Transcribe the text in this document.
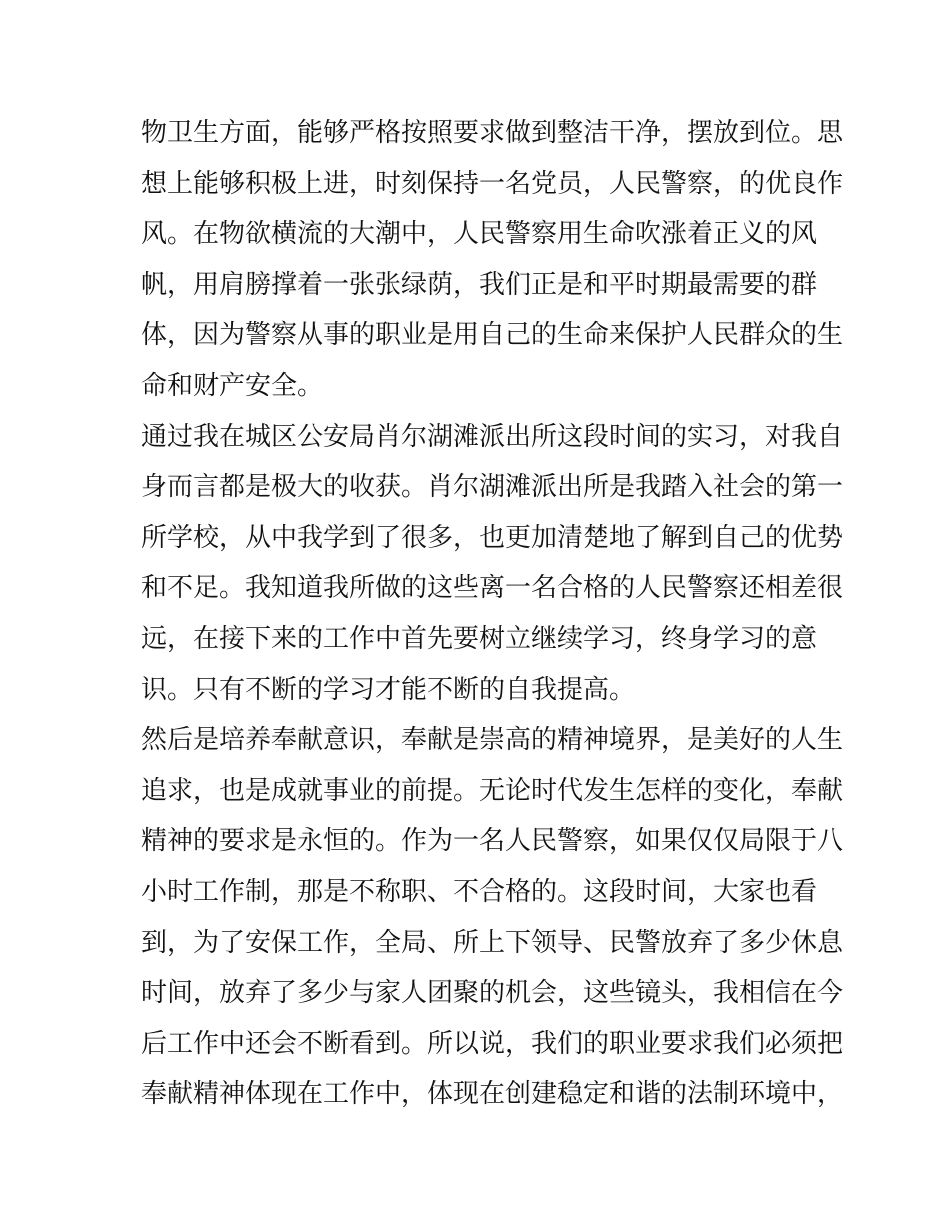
物卫生方面，能够严格按照要求做到整洁干净，摆放到位。思
想上能够积极上进，时刻保持一名党员，人民警察，的优良作
风。在物欲横流的大潮中，人民警察用生命吹涨着正义的风
帆，用肩膀撑着一张张绿荫，我们正是和平时期最需要的群
体，因为警察从事的职业是用自己的生命来保护人民群众的生
命和财产安全。
通过我在城区公安局肖尔湖滩派出所这段时间的实习，对我自
身而言都是极大的收获。肖尔湖滩派出所是我踏入社会的第一
所学校，从中我学到了很多，也更加清楚地了解到自己的优势
和不足。我知道我所做的这些离一名合格的人民警察还相差很
远，在接下来的工作中首先要树立继续学习，终身学习的意
识。只有不断的学习才能不断的自我提高。
然后是培养奉献意识，奉献是崇高的精神境界，是美好的人生
追求，也是成就事业的前提。无论时代发生怎样的变化，奉献
精神的要求是永恒的。作为一名人民警察，如果仅仅局限于八
小时工作制，那是不称职、不合格的。这段时间，大家也看
到，为了安保工作，全局、所上下领导、民警放弃了多少休息
时间，放弃了多少与家人团聚的机会，这些镜头，我相信在今
后工作中还会不断看到。所以说，我们的职业要求我们必须把
奉献精神体现在工作中，体现在创建稳定和谐的法制环境中，
